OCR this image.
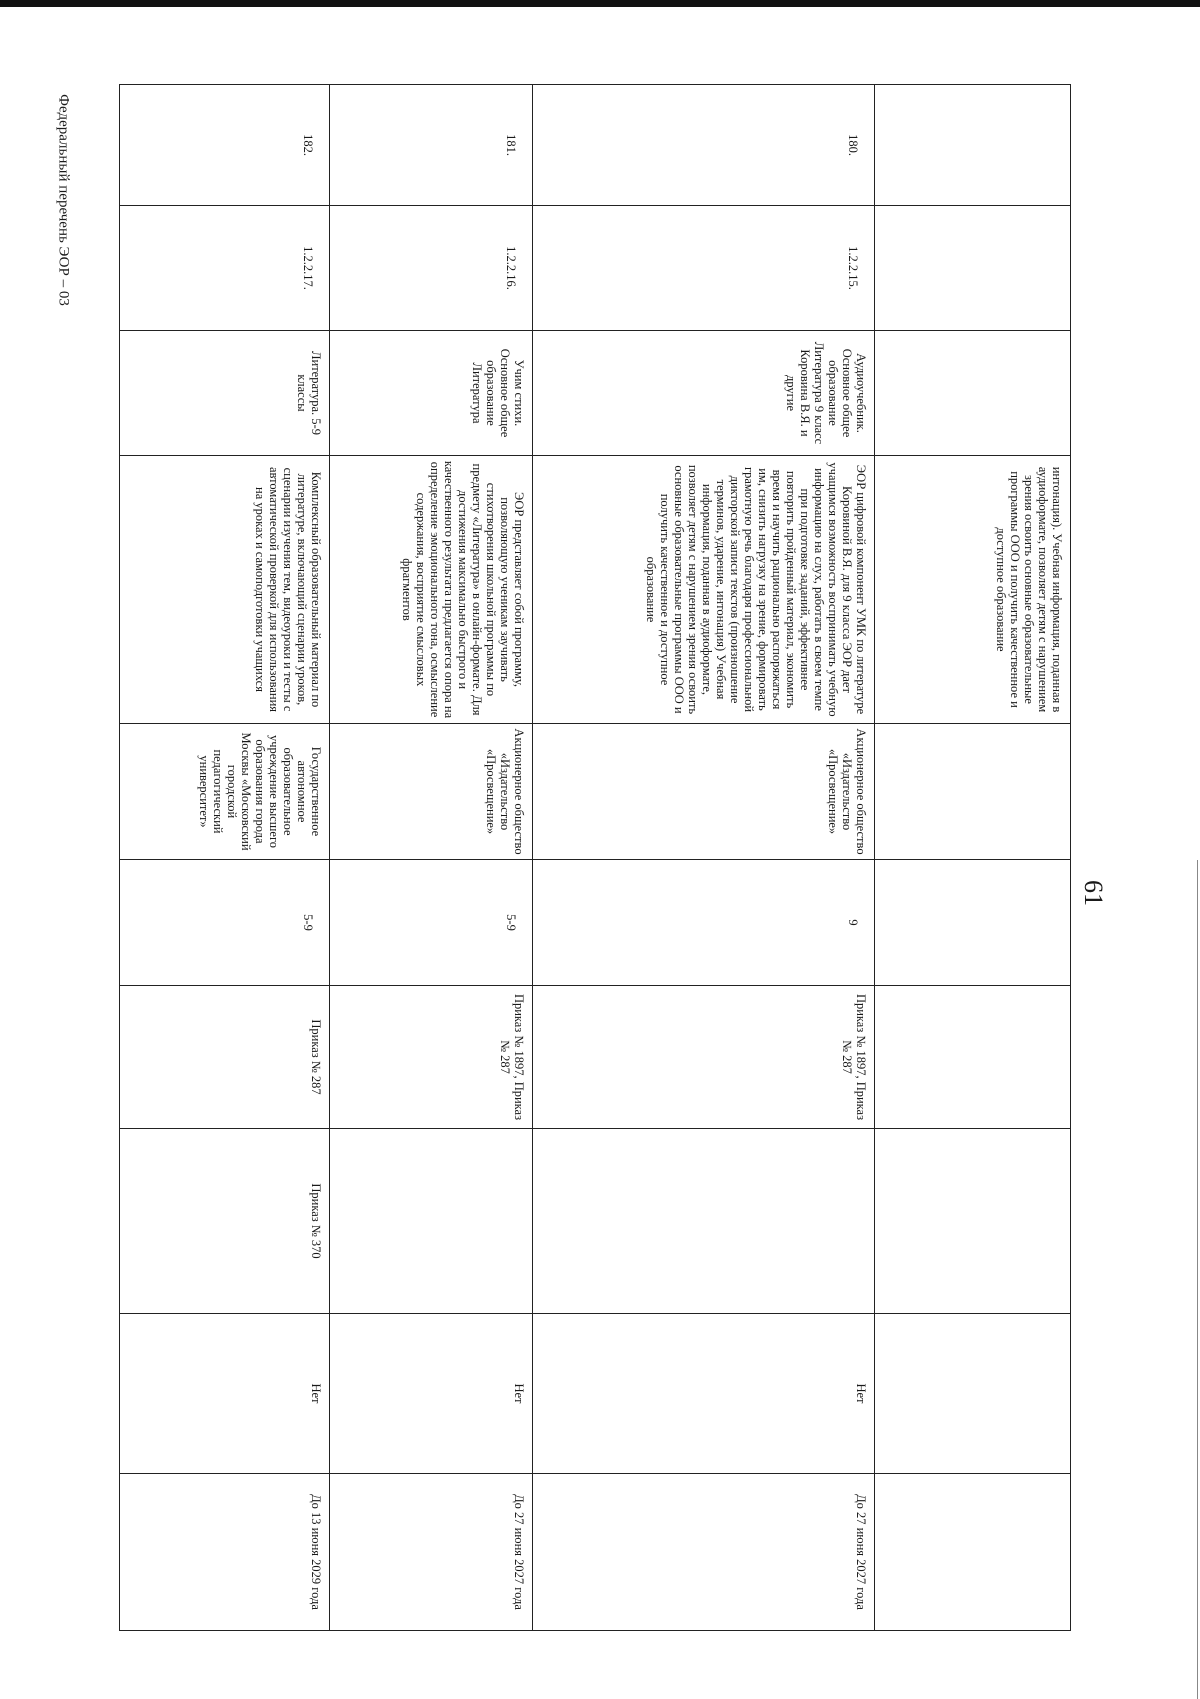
61
Федеральный перечень ЭОР – 03
			интонация). Учебная информация, поданная в аудиоформате, позволяет детям с нарушением зрения освоить основные образовательные программы ООО и получить качественное и доступное образование						
180.	1.2.2.15.	Аудиоучебник. Основное общее образование Литература 9 класс Коровина В.Я. и другие	ЭОР цифровой компонент УМК по литературе Коровиной В.Я. для 9 класса ЭОР дает учащимся возможность воспринимать учебную информацию на слух, работать в своем темпе при подготовке заданий, эффективнее повторить пройденный материал, экономить время и научить рационально распоряжаться им, снизить нагрузку на зрение, формировать грамотную речь благодаря профессиональной дикторской записи текстов (произношение терминов, ударение, интонация) Учебная информация, поданная в аудиоформате, позволяет детям с нарушением зрения освоить основные образовательные программы ООО и получить качественное и доступное образование	Акционерное общество «Издательство «Просвещение»	9	Приказ № 1897, Приказ № 287		Нет	До 27 июня 2027 года
181.	1.2.2.16.	Учим стихи. Основное общее образование Литература	ЭОР представляет собой программу, позволяющую ученикам заучивать стихотворения школьной программы по предмету «Литература» в онлайн-формате. Для достижения максимально быстрого и качественного результата предлагается опора на определение эмоционального тона, осмысление содержания, восприятие смысловых фрагментов	Акционерное общество «Издательство «Просвещение»	5-9	Приказ № 1897, Приказ № 287		Нет	До 27 июня 2027 года
182.	1.2.2.17.	Литература. 5-9 классы	Комплексный образовательный материал по литературе, включающий сценарии уроков, сценарии изучения тем, видеоуроки и тесты с автоматической проверкой для использования на уроках и самоподготовки учащихся	Государственное автономное образовательное учреждение высшего образования города Москвы «Московский городской педагогический университет»	5-9	Приказ № 287	Приказ № 370	Нет	До 13 июня 2029 года
